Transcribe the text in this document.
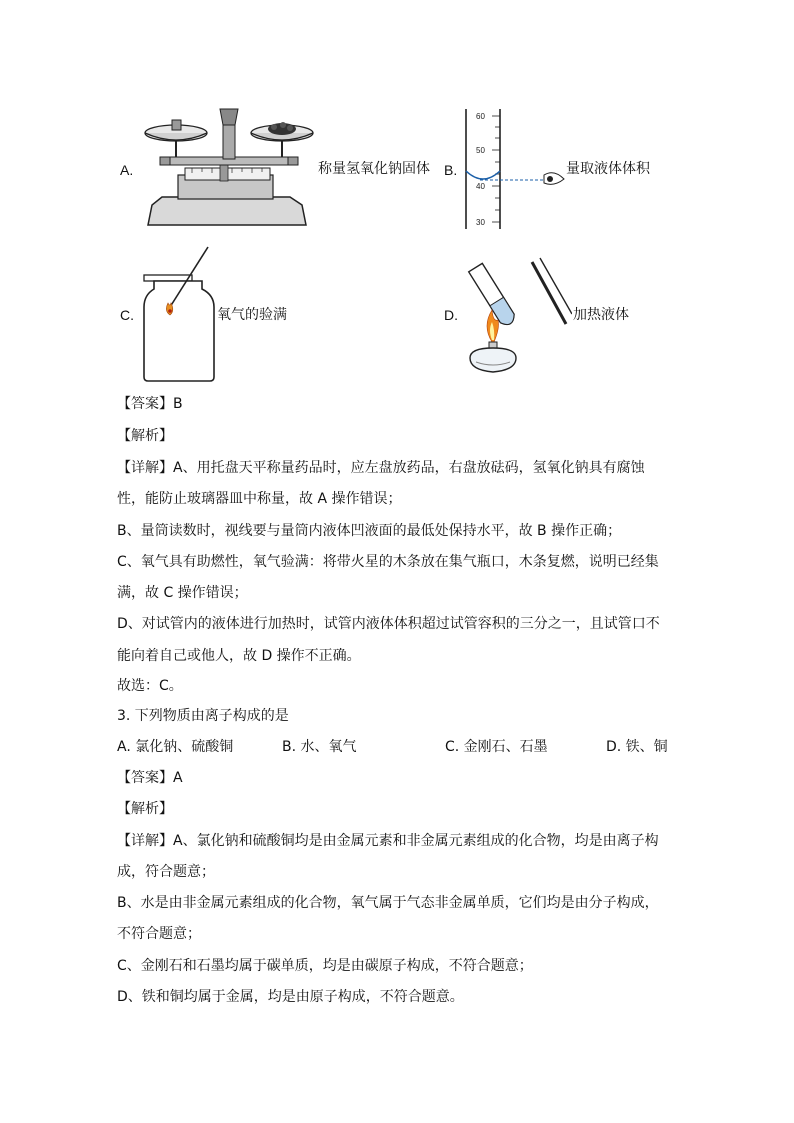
A.	称量氢氧化钠固体 B.
60
50
40
30
量取液体体积
C.	氧气的验满	D.	加热液体
【答案】B
【解析】
【详解】A、用托盘天平称量药品时，应左盘放药品，右盘放砝码，氢氧化钠具有腐蚀
性，能防止玻璃器皿中称量，故 A 操作错误；
B、量筒读数时，视线要与量筒内液体凹液面的最低处保持水平，故 B 操作正确；
C、氧气具有助燃性，氧气验满：将带火星的木条放在集气瓶口，木条复燃，说明已经集
满，故 C 操作错误；
D、对试管内的液体进行加热时，试管内液体体积超过试管容积的三分之一，且试管口不
能向着自己或他人，故 D 操作不正确。
故选：C。
3. 下列物质由离子构成的是
A. 氯化钠、硫酸铜	B. 水、氧气	C. 金刚石、石墨	D. 铁、铜
【答案】A
【解析】
【详解】A、氯化钠和硫酸铜均是由金属元素和非金属元素组成的化合物，均是由离子构
成，符合题意；
B、水是由非金属元素组成的化合物，氧气属于气态非金属单质，它们均是由分子构成，
不符合题意；
C、金刚石和石墨均属于碳单质，均是由碳原子构成，不符合题意；
D、铁和铜均属于金属，均是由原子构成，不符合题意。
